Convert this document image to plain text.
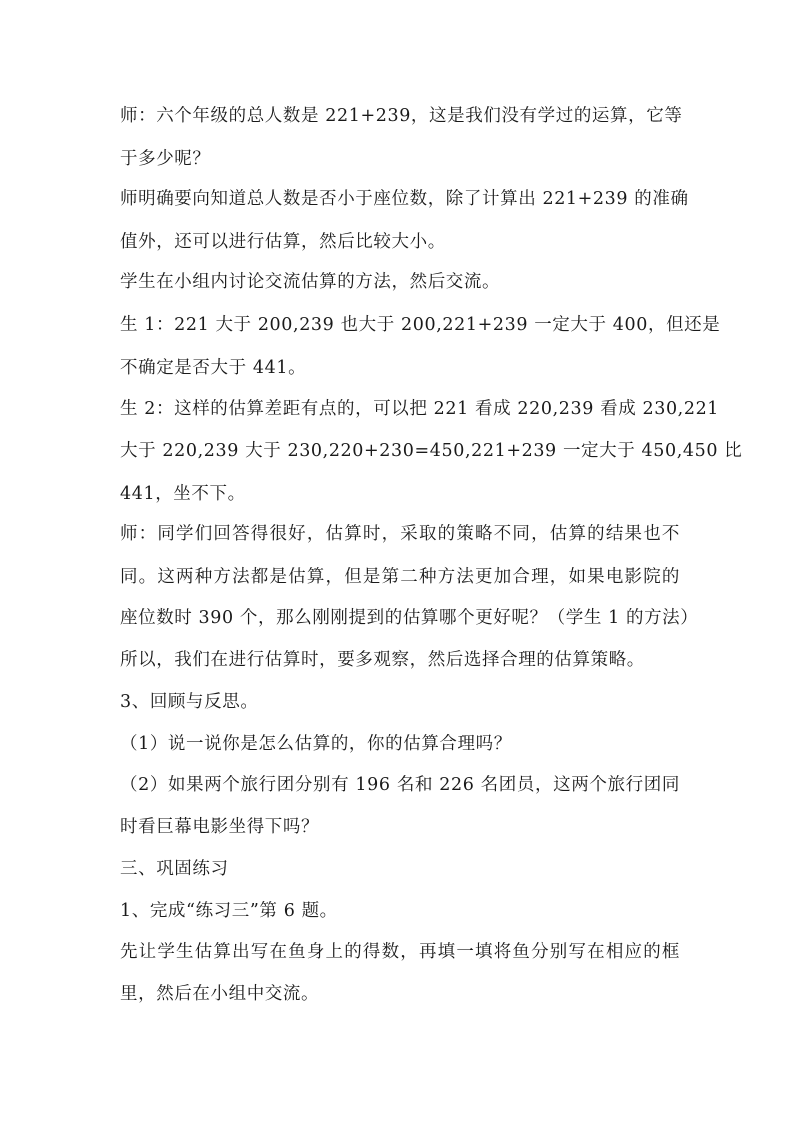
师：六个年级的总人数是 221+239，这是我们没有学过的运算，它等
于多少呢？
师明确要向知道总人数是否小于座位数，除了计算出 221+239 的准确
值外，还可以进行估算，然后比较大小。
学生在小组内讨论交流估算的方法，然后交流。
生 1：221 大于 200,239 也大于 200,221+239 一定大于 400，但还是
不确定是否大于 441。
生 2：这样的估算差距有点的，可以把 221 看成 220,239 看成 230,221
大于 220,239 大于 230,220+230=450,221+239 一定大于 450,450 比
441，坐不下。
师：同学们回答得很好，估算时，采取的策略不同，估算的结果也不
同。这两种方法都是估算，但是第二种方法更加合理，如果电影院的
座位数时 390 个，那么刚刚提到的估算哪个更好呢？（学生 1 的方法）
所以，我们在进行估算时，要多观察，然后选择合理的估算策略。
3、回顾与反思。
（1）说一说你是怎么估算的，你的估算合理吗？
（2）如果两个旅行团分别有 196 名和 226 名团员，这两个旅行团同
时看巨幕电影坐得下吗？
三、巩固练习
1、完成“练习三”第 6 题。
先让学生估算出写在鱼身上的得数，再填一填将鱼分别写在相应的框
里，然后在小组中交流。
